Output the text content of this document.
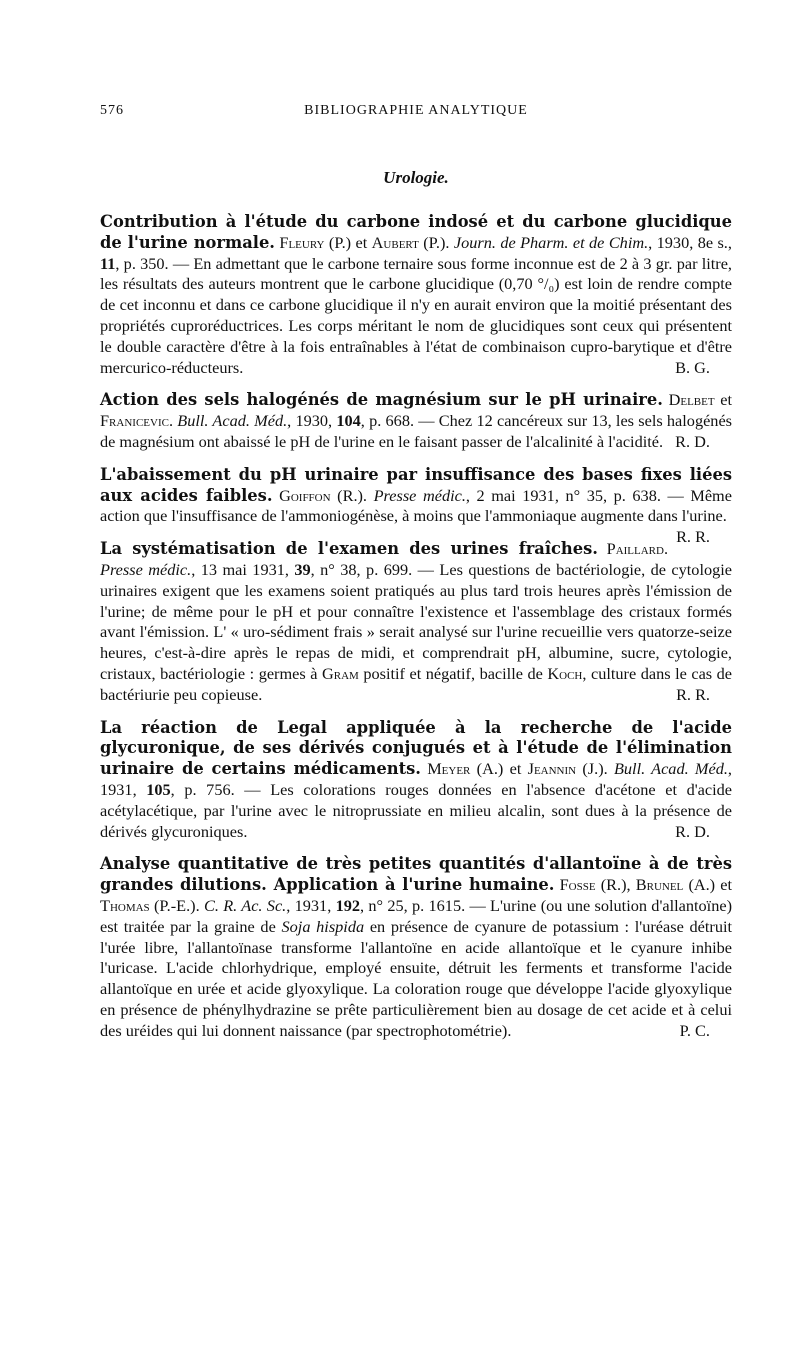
576	BIBLIOGRAPHIE ANALYTIQUE
Urologie.

Contribution à l'étude du carbone indosé et du carbone glucidique de l'urine normale. Fleury (P.) et Aubert (P.). Journ. de Pharm. et de Chim., 1930, 8e s., 11, p. 350. — En admettant que le carbone ternaire sous forme inconnue est de 2 à 3 gr. par litre, les résultats des auteurs montrent que le carbone glucidique (0,70 °/₀) est loin de rendre compte de cet inconnu et dans ce carbone glucidique il n'y en aurait environ que la moitié présentant des propriétés cuproréductrices. Les corps méritant le nom de glucidiques sont ceux qui présentent le double caractère d'être à la fois entraînables à l'état de combinaison cupro-barytique et d'être mercurico-réducteurs.	B. G.

Action des sels halogénés de magnésium sur le pH urinaire. Delbet et Franicevic. Bull. Acad. Méd., 1930, 104, p. 668. — Chez 12 cancéreux sur 13, les sels halogénés de magnésium ont abaissé le pH de l'urine en le faisant passer de l'alcalinité à l'acidité. R. D.

L'abaissement du pH urinaire par insuffisance des bases fixes liées aux acides faibles. Goiffon (R.). Presse médic., 2 mai 1931, n° 35, p. 638. — Même action que l'insuffisance de l'ammoniogénèse, à moins que l'ammoniaque augmente dans l'urine.
R. R.

La systématisation de l'examen des urines fraîches. Paillard. Presse médic., 13 mai 1931, 39, n° 38, p. 699. — Les questions de bactériologie, de cytologie urinaires exigent que les examens soient pratiqués au plus tard trois heures après l'émission de l'urine; de même pour le pH et pour connaître l'existence et l'assemblage des cristaux formés avant l'émission. L' « uro-sédiment frais » serait analysé sur l'urine recueillie vers quatorze-seize heures, c'est-à-dire après le repas de midi, et comprendrait pH, albumine, sucre, cytologie, cristaux, bactériologie : germes à Gram positif et négatif, bacille de Koch, culture dans le cas de bactériurie peu copieuse.	R. R.

La réaction de Legal appliquée à la recherche de l'acide glycuronique, de ses dérivés conjugués et à l'étude de l'élimination urinaire de certains médicaments. Meyer (A.) et Jeannin (J.). Bull. Acad. Méd., 1931, 105, p. 756. — Les colorations rouges données en l'absence d'acétone et d'acide acétylacétique, par l'urine avec le nitroprussiate en milieu alcalin, sont dues à la présence de dérivés glycuroniques.	R. D.

Analyse quantitative de très petites quantités d'allantoïne à de très grandes dilutions. Application à l'urine humaine. Fosse (R.), Brunel (A.) et Thomas (P.-E.). C. R. Ac. Sc., 1931, 192, n° 25, p. 1615. — L'urine (ou une solution d'allantoïne) est traitée par la graine de Soja hispida en présence de cyanure de potassium : l'uréase détruit l'urée libre, l'allantoïnase transforme l'allantoïne en acide allantoïque et le cyanure inhibe l'uricase. L'acide chlorhydrique, employé ensuite, détruit les ferments et transforme l'acide allantoïque en urée et acide glyoxylique. La coloration rouge que développe l'acide glyoxylique en présence de phénylhydrazine se prête particulièrement bien au dosage de cet acide et à celui des uréides qui lui donnent naissance (par spectrophotométrie).	P. C.
